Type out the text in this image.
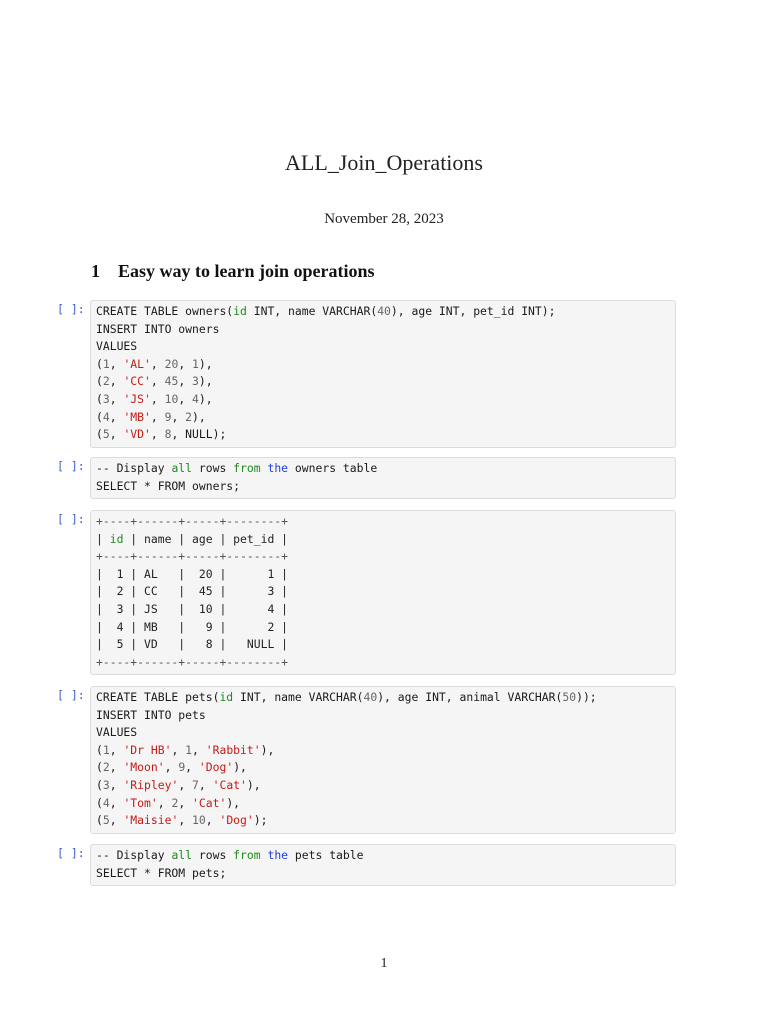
ALL_Join_Operations
November 28, 2023
1 Easy way to learn join operations
[ ]: CREATE TABLE owners(id INT, name VARCHAR(40), age INT, pet_id INT);
INSERT INTO owners
VALUES
(1, 'AL', 20, 1),
(2, 'CC', 45, 3),
(3, 'JS', 10, 4),
(4, 'MB', 9, 2),
(5, 'VD', 8, NULL);
[ ]: -- Display all rows from the owners table
SELECT * FROM owners;
[ ]: +----+------+-----+--------+
| id | name | age | pet_id |
+----+------+-----+--------+
|  1 | AL   |  20 |      1 |
|  2 | CC   |  45 |      3 |
|  3 | JS   |  10 |      4 |
|  4 | MB   |   9 |      2 |
|  5 | VD   |   8 |   NULL |
+----+------+-----+--------+
[ ]: CREATE TABLE pets(id INT, name VARCHAR(40), age INT, animal VARCHAR(50));
INSERT INTO pets
VALUES
(1, 'Dr HB', 1, 'Rabbit'),
(2, 'Moon', 9, 'Dog'),
(3, 'Ripley', 7, 'Cat'),
(4, 'Tom', 2, 'Cat'),
(5, 'Maisie', 10, 'Dog');
[ ]: -- Display all rows from the pets table
SELECT * FROM pets;
1
